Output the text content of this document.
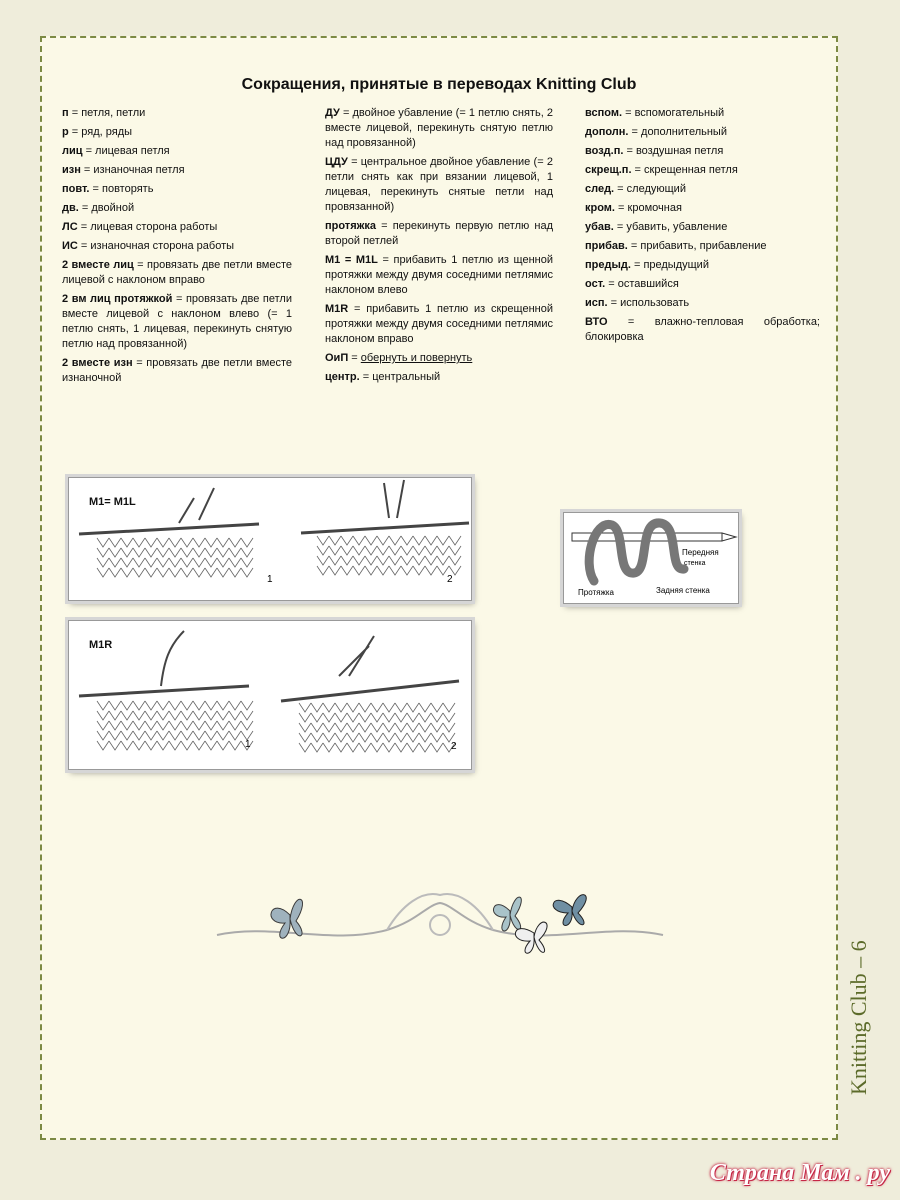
Сокращения, принятые в переводах Knitting Club
п = петля, петли
р = ряд, ряды
лиц = лицевая петля
изн = изнаночная петля
повт. = повторять
дв. = двойной
ЛС = лицевая сторона работы
ИС = изнаночная сторона работы
2 вместе лиц = провязать две петли вместе лицевой с наклоном вправо
2 вм лиц протяжкой = провязать две петли вместе лицевой с наклоном влево (= 1 петлю снять, 1 лицевая, перекинуть снятую петлю над провязанной)
2 вместе изн = провязать две петли вместе изнаночной
ДУ = двойное убавление (= 1 петлю снять, 2 вместе лицевой, перекинуть снятую петлю над провязанной)
ЦДУ = центральное двойное убавление (= 2 петли снять как при вязании лицевой, 1 лицевая, перекинуть снятые петли над провязанной)
протяжка = перекинуть первую петлю над второй петлей
М1 = M1L = прибавить 1 петлю из щенной протяжки между двумя соседними петлямис наклоном влево
M1R = прибавить 1 петлю из скрещенной протяжки между двумя соседними петлямис наклоном вправо
ОиП = обернуть и повернуть
центр. = центральный
вспом. = вспомогательный
дополн. = дополнительный
возд.п. = воздушная петля
скрещ.п. = скрещенная петля
след. = следующий
кром. = кромочная
убав. = убавить, убавление
прибав. = прибавить, прибавление
предыд. = предыдущий
ост. = оставшийся
исп. = использовать
ВТО = влажно-тепловая обработка; блокировка
M1= M1L
1	2
M1R
1	2
Передняя
стенка
Протяжка	Задняя стенка
Knitting Club – 6
Страна Мам . ру
